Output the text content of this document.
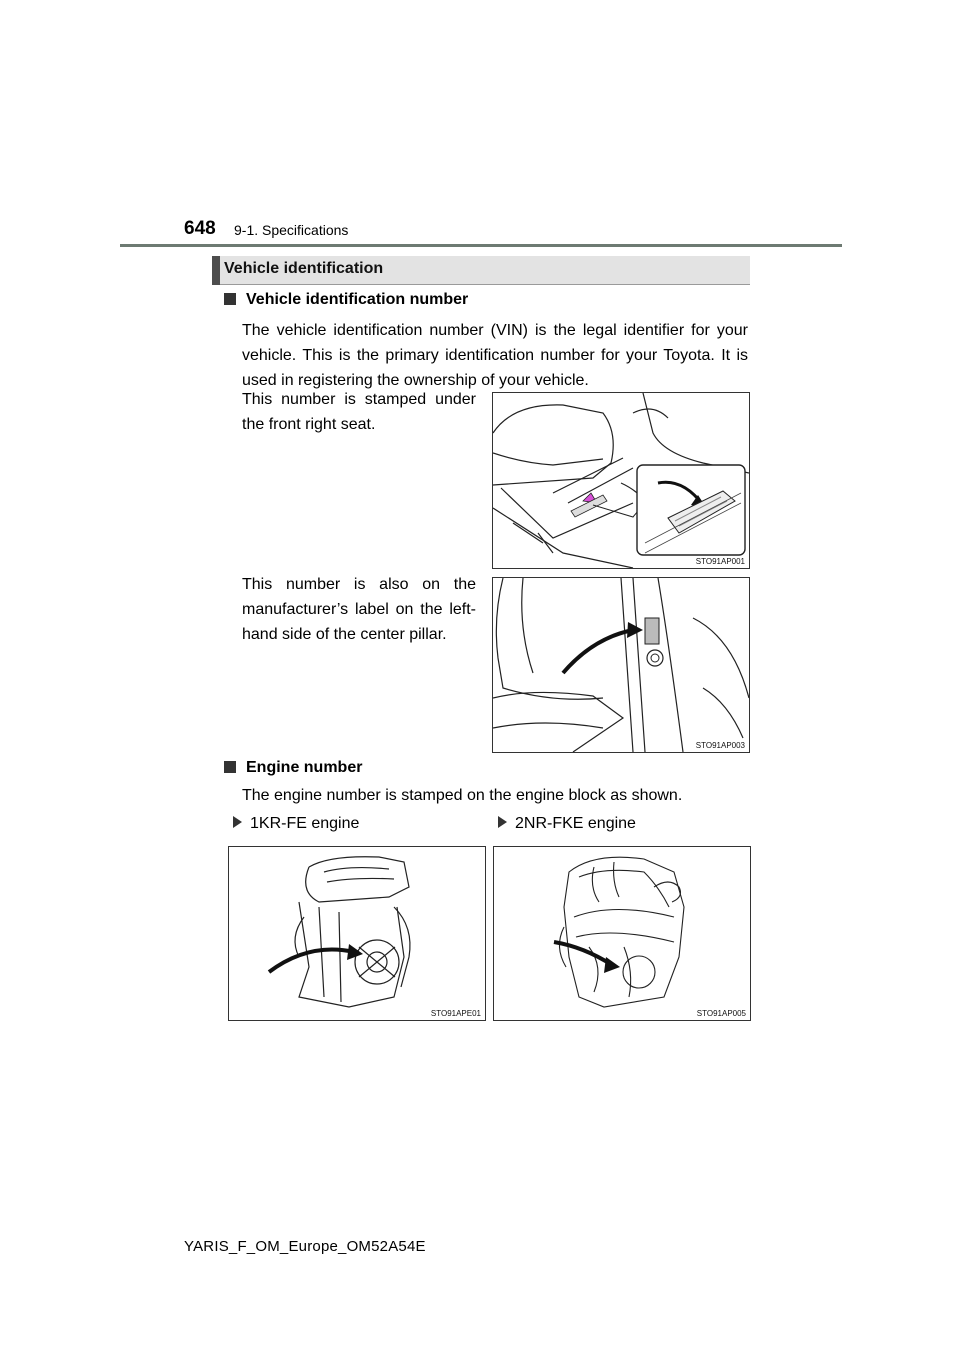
648 9-1. Specifications
Vehicle identification
Vehicle identification number
The vehicle identification number (VIN) is the legal identifier for your vehicle. This is the primary identification number for your Toyota. It is used in registering the ownership of your vehicle.
This number is stamped under the front right seat.
STO91AP001
This number is also on the manufacturer’s label on the left-hand side of the center pillar.
STO91AP003
Engine number
The engine number is stamped on the engine block as shown.
1KR-FE engine	2NR-FKE engine
STO91APE01	STO91AP005
YARIS_F_OM_Europe_OM52A54E
